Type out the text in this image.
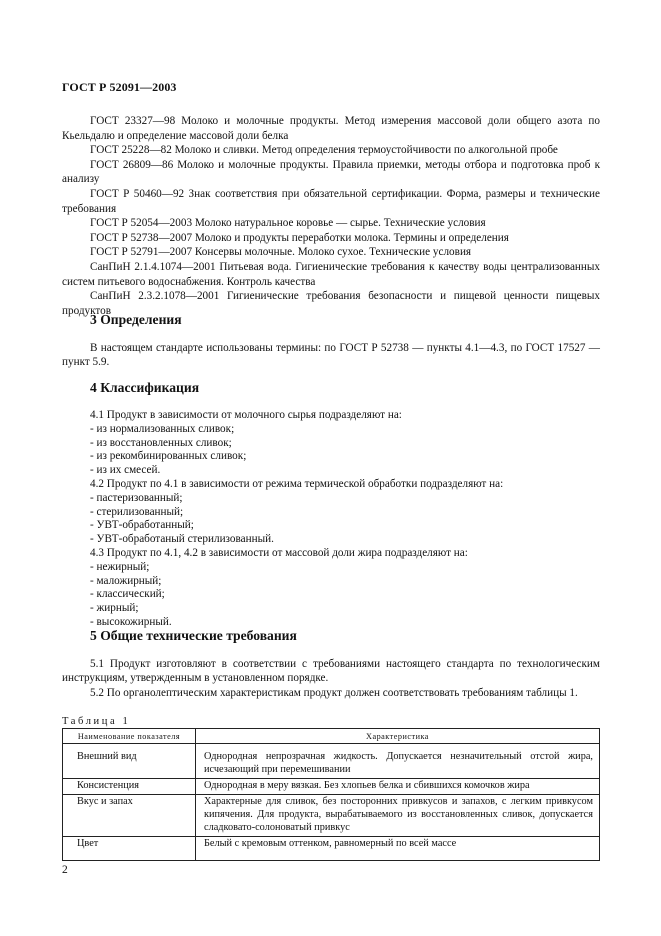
ГОСТ Р 52091—2003

ГОСТ 23327—98 Молоко и молочные продукты. Метод измерения массовой доли общего азота по Кьельдалю и определение массовой доли белка

ГОСТ 25228—82 Молоко и сливки. Метод определения термоустойчивости по алкогольной пробе

ГОСТ 26809—86 Молоко и молочные продукты. Правила приемки, методы отбора и подготовка проб к анализу

ГОСТ Р 50460—92 Знак соответствия при обязательной сертификации. Форма, размеры и технические требования

ГОСТ Р 52054—2003 Молоко натуральное коровье — сырье. Технические условия

ГОСТ Р 52738—2007 Молоко и продукты переработки молока. Термины и определения

ГОСТ Р 52791—2007 Консервы молочные. Молоко сухое. Технические условия

СанПиН 2.1.4.1074—2001 Питьевая вода. Гигиенические требования к качеству воды централизованных систем питьевого водоснабжения. Контроль качества

СанПиН 2.3.2.1078—2001 Гигиенические требования безопасности и пищевой ценности пищевых продуктов

3 Определения

В настоящем стандарте использованы термины: по ГОСТ Р 52738 — пункты 4.1—4.3, по ГОСТ 17527 — пункт 5.9.

4 Классификация
4.1 Продукт в зависимости от молочного сырья подразделяют на:
- из нормализованных сливок;
- из восстановленных сливок;
- из рекомбинированных сливок;
- из их смесей.
4.2 Продукт по 4.1 в зависимости от режима термической обработки подразделяют на:
- пастеризованный;
- стерилизованный;
- УВТ-обработанный;
- УВТ-обработаный стерилизованный.
4.3 Продукт по 4.1, 4.2 в зависимости от массовой доли жира подразделяют на:
- нежирный;
- маложирный;
- классический;
- жирный;
- высокожирный.
5 Общие технические требования

5.1 Продукт изготовляют в соответствии с требованиями настоящего стандарта по технологическим инструкциям, утвержденным в установленном порядке.

5.2 По органолептическим характеристикам продукт должен соответствовать требованиям таблицы 1.

Таблица 1
Наименование показателя	Характеристика
Внешний вид	Однородная непрозрачная жидкость. Допускается незначительный отстой жира, исчезающий при перемешивании
Консистенция	Однородная в меру вязкая. Без хлопьев белка и сбившихся комочков жира
Вкус и запах	Характерные для сливок, без посторонних привкусов и запахов, с легким привкусом кипячения. Для продукта, вырабатываемого из восстановленных сливок, допускается сладковато-солоноватый привкус
Цвет	Белый с кремовым оттенком, равномерный по всей массе
2
